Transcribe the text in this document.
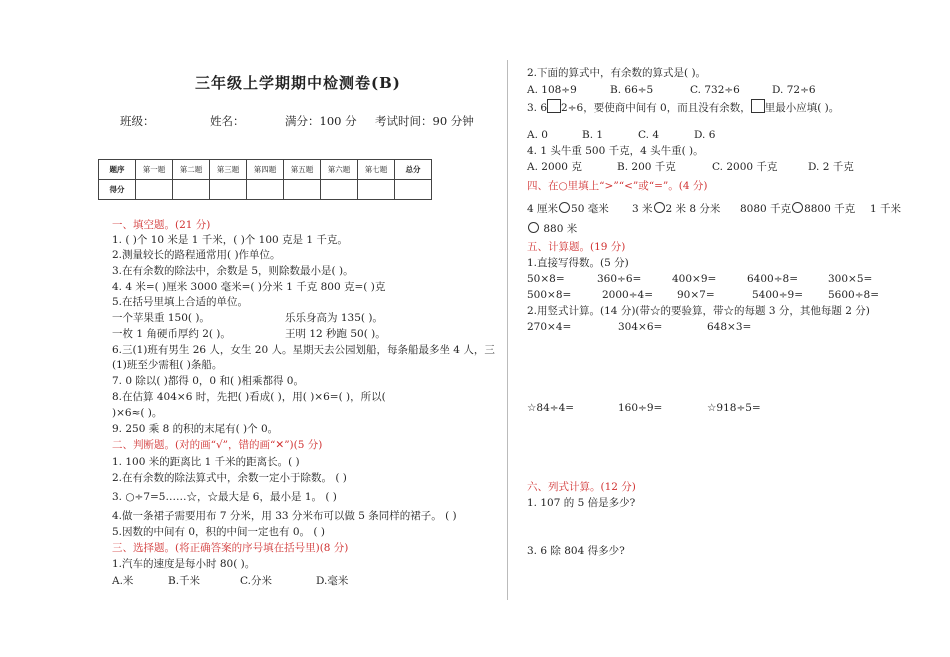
三年级上学期期中检测卷(B)
班级：	姓名：	满分：100 分 考试时间：90 分钟
题序	第一题	第二题	第三题	第四题	第五题	第六题	第七题	总分
得分								
一、填空题。(21 分)
1. ( )个 10 米是 1 千米，( )个 100 克是 1 千克。
2.测量较长的路程通常用( )作单位。
3.在有余数的除法中，余数是 5，则除数最小是( )。
4. 4 米=( )厘米 3000 毫米=( )分米 1 千克 800 克=( )克
5.在括号里填上合适的单位。
一个苹果重 150( )。	乐乐身高为 135( )。
一枚 1 角硬币厚约 2( )。	王明 12 秒跑 50( )。
6.三(1)班有男生 26 人，女生 20 人。星期天去公园划船，每条船最多坐 4 人，三
(1)班至少需租( )条船。
7. 0 除以( )都得 0，0 和( )相乘都得 0。
8.在估算 404×6 时，先把( )看成( )，用( )×6=( )，所以(
)×6≈( )。
9. 250 乘 8 的积的末尾有( )个 0。
二、判断题。(对的画“√”，错的画“✕”)(5 分)
1. 100 米的距离比 1 千米的距离长。( )
2.在有余数的除法算式中，余数一定小于除数。 ( )
3. ○÷7=5……☆，☆最大是 6，最小是 1。 ( )
4.做一条裙子需要用布 7 分米，用 33 分米布可以做 5 条同样的裙子。 ( )
5.因数的中间有 0，积的中间一定也有 0。 ( )
三、选择题。(将正确答案的序号填在括号里)(8 分)
1.汽车的速度是每小时 80( )。
A.米	B.千米	C.分米	D.毫米
2.下面的算式中，有余数的算式是( )。
A. 108÷9	B. 66÷5	C. 732÷6	D. 72÷6
3. 6 2÷6，要使商中间有 0，而且没有余数， 里最小应填( )。
A. 0	B. 1	C. 4	D. 6
4. 1 头牛重 500 千克，4 头牛重( )。
A. 2000 克	B. 200 千克	C. 2000 千克	D. 2 千克
四、在○里填上“>”“<”或“=”。(4 分)
4 厘米 50 毫米 3 米 2 米 8 分米 8080 千克 8800 千克 1 千米
880 米
五、计算题。(19 分)
1.直接写得数。(5 分)
50×8=	360÷6=	400×9=	6400÷8=	300×5=
500×8=	2000÷4= 90×7=	5400÷9= 5600÷8=
2.用竖式计算。(14 分)(带☆的要验算，带☆的每题 3 分，其他每题 2 分)
270×4=	304×6=	648×3=
☆84÷4=	160÷9=	☆918÷5=
六、列式计算。(12 分)
1. 107 的 5 倍是多少?
3. 6 除 804 得多少?
